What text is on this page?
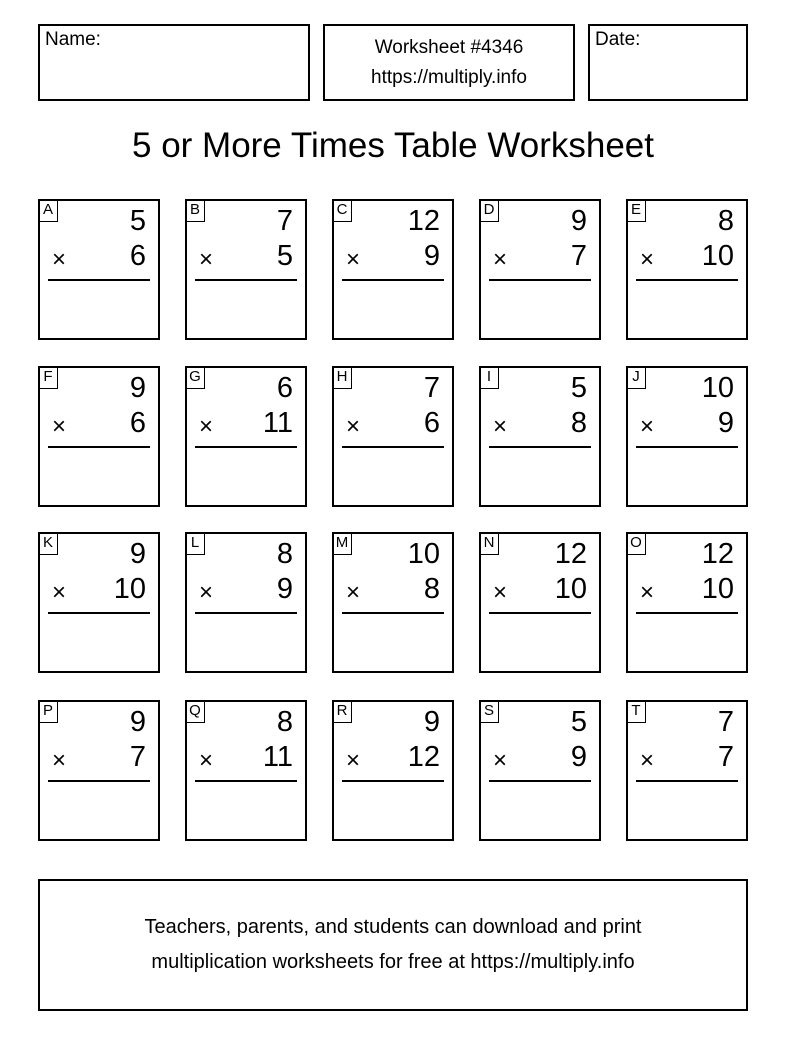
Name:	Worksheet #4346
https://multiply.info
Date:
5 or More Times Table Worksheet
A	5
× 6
B	7
× 5
C 12
× 9
D	9
× 7
E	8
× 10
F	9
× 6
G	6
× 11
H	7
× 6
I	5
× 8
J 10
× 9
K	9
× 10
L	8
× 9
M 10
× 8
N 12
× 10
O 12
× 10
P	9
× 7
Q	8
× 11
R	9
× 12
S	5
× 9
T	7
× 7
Teachers, parents, and students can download and print
multiplication worksheets for free at https://multiply.info
